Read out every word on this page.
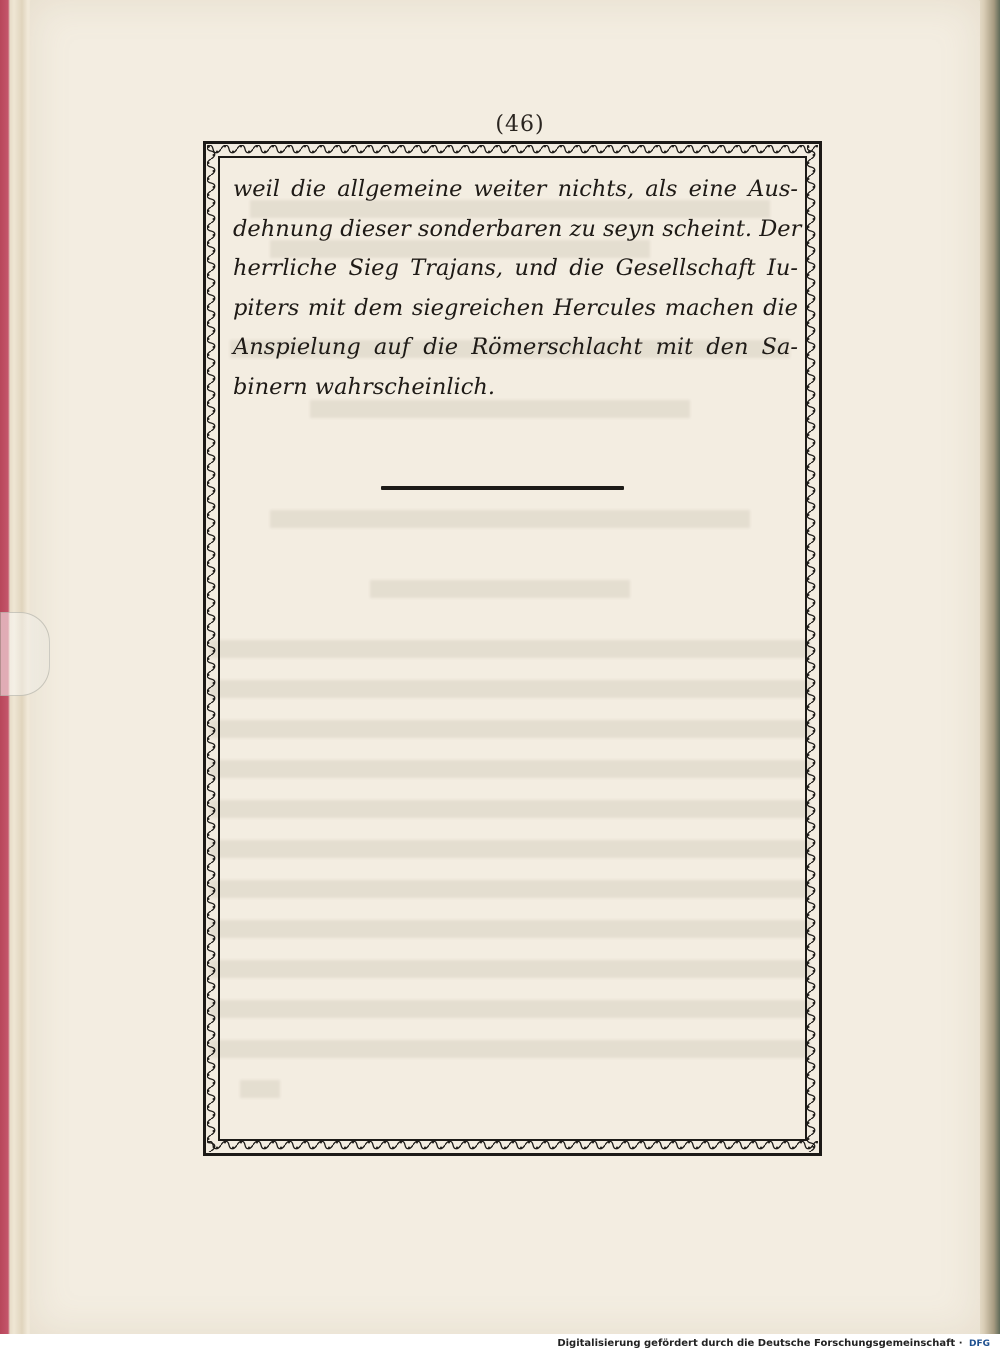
(46)
weil die allgemeine weiter nichts, als eine Aus-
dehnung dieser sonderbaren zu seyn scheint. Der
herrliche Sieg Trajans, und die Gesellschaft Iu-
piters mit dem siegreichen Hercules machen die
Anspielung auf die Römerschlacht mit den Sa-
binern wahrscheinlich.
Digitalisierung gefördert durch die Deutsche Forschungsgemeinschaft · DFG
